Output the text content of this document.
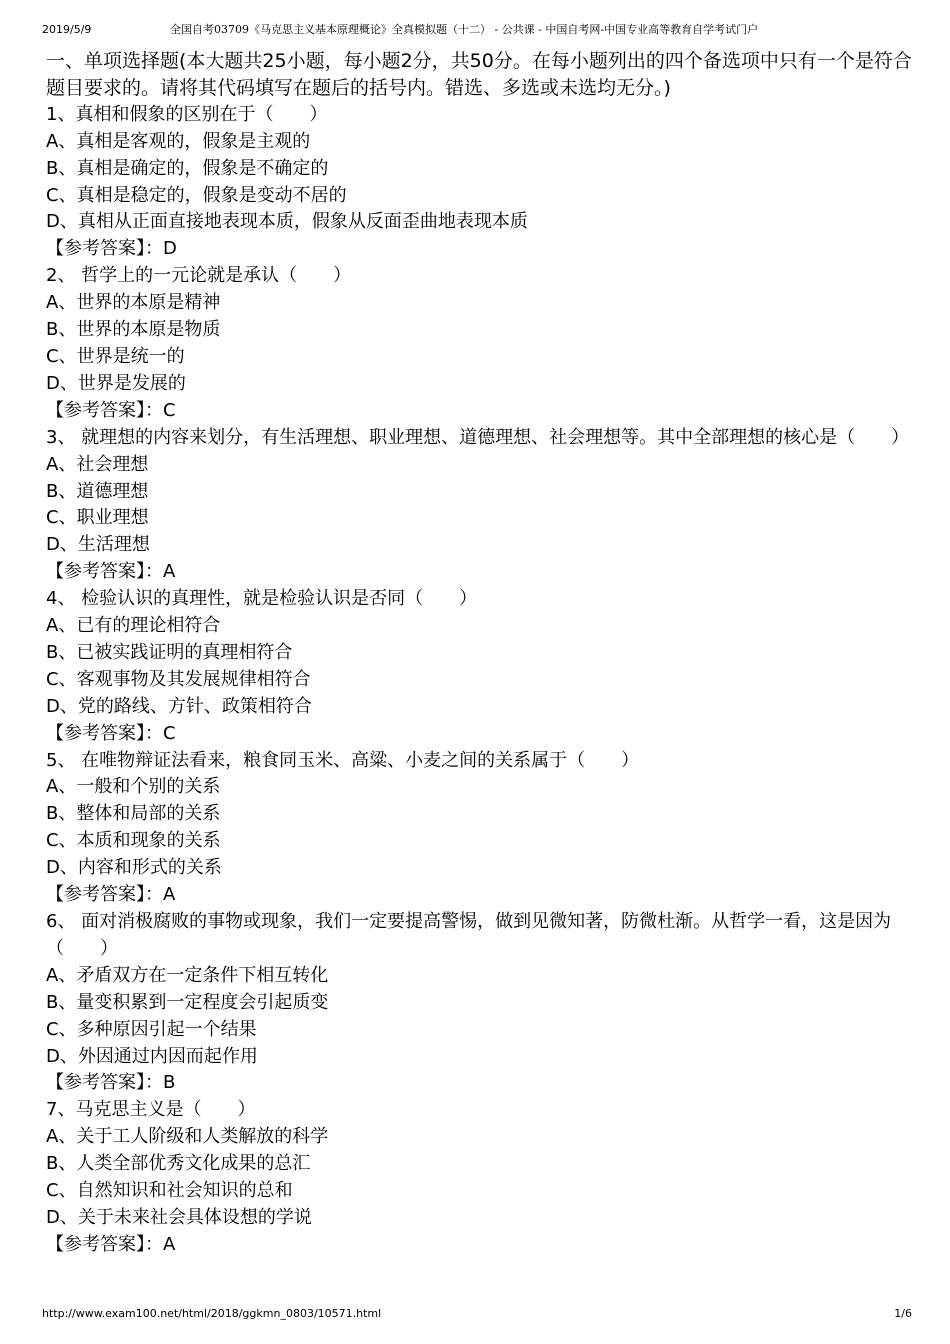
2019/5/9	全国自考03709《马克思主义基本原理概论》全真模拟题（十二） - 公共课 - 中国自考网-中国专业高等教育自学考试门户

一、单项选择题(本大题共25小题，每小题2分，共50分。在每小题列出的四个备选项中只有一个是符合题目要求的。请将其代码填写在题后的括号内。错选、多选或未选均无分。)

1、真相和假象的区别在于（　　）

A、真相是客观的，假象是主观的

B、真相是确定的，假象是不确定的

C、真相是稳定的，假象是变动不居的

D、真相从正面直接地表现本质，假象从反面歪曲地表现本质

【参考答案】：D

2、 哲学上的一元论就是承认（　　）

A、世界的本原是精神

B、世界的本原是物质

C、世界是统一的

D、世界是发展的

【参考答案】：C

3、 就理想的内容来划分，有生活理想、职业理想、道德理想、社会理想等。其中全部理想的核心是（　　）

A、社会理想

B、道德理想

C、职业理想

D、生活理想

【参考答案】：A

4、 检验认识的真理性，就是检验认识是否同（　　）

A、已有的理论相符合

B、已被实践证明的真理相符合

C、客观事物及其发展规律相符合

D、党的路线、方针、政策相符合

【参考答案】：C

5、 在唯物辩证法看来，粮食同玉米、高粱、小麦之间的关系属于（　　）

A、一般和个别的关系

B、整体和局部的关系

C、本质和现象的关系

D、内容和形式的关系

【参考答案】：A

6、 面对消极腐败的事物或现象，我们一定要提高警惕，做到见微知著，防微杜渐。从哲学一看，这是因为（　　）

A、矛盾双方在一定条件下相互转化

B、量变积累到一定程度会引起质变

C、多种原因引起一个结果

D、外因通过内因而起作用

【参考答案】：B

7、马克思主义是（　　）

A、关于工人阶级和人类解放的科学

B、人类全部优秀文化成果的总汇

C、自然知识和社会知识的总和

D、关于未来社会具体设想的学说

【参考答案】：A

http://www.exam100.net/html/2018/ggkmn_0803/10571.html	1/6
